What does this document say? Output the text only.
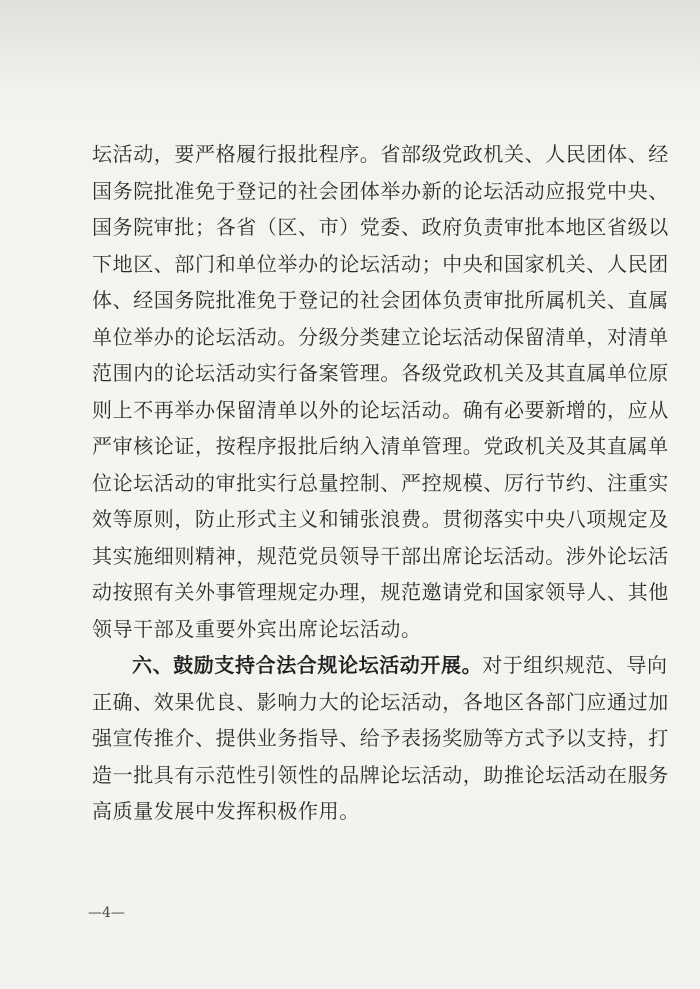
坛活动，要严格履行报批程序。省部级党政机关、人民团体、经
国务院批准免于登记的社会团体举办新的论坛活动应报党中央、
国务院审批；各省（区、市）党委、政府负责审批本地区省级以
下地区、部门和单位举办的论坛活动；中央和国家机关、人民团
体、经国务院批准免于登记的社会团体负责审批所属机关、直属
单位举办的论坛活动。分级分类建立论坛活动保留清单，对清单
范围内的论坛活动实行备案管理。各级党政机关及其直属单位原
则上不再举办保留清单以外的论坛活动。确有必要新增的，应从
严审核论证，按程序报批后纳入清单管理。党政机关及其直属单
位论坛活动的审批实行总量控制、严控规模、厉行节约、注重实
效等原则，防止形式主义和铺张浪费。贯彻落实中央八项规定及
其实施细则精神，规范党员领导干部出席论坛活动。涉外论坛活
动按照有关外事管理规定办理，规范邀请党和国家领导人、其他
领导干部及重要外宾出席论坛活动。
六、鼓励支持合法合规论坛活动开展。对于组织规范、导向
正确、效果优良、影响力大的论坛活动，各地区各部门应通过加
强宣传推介、提供业务指导、给予表扬奖励等方式予以支持，打
造一批具有示范性引领性的品牌论坛活动，助推论坛活动在服务
高质量发展中发挥积极作用。
—4—
